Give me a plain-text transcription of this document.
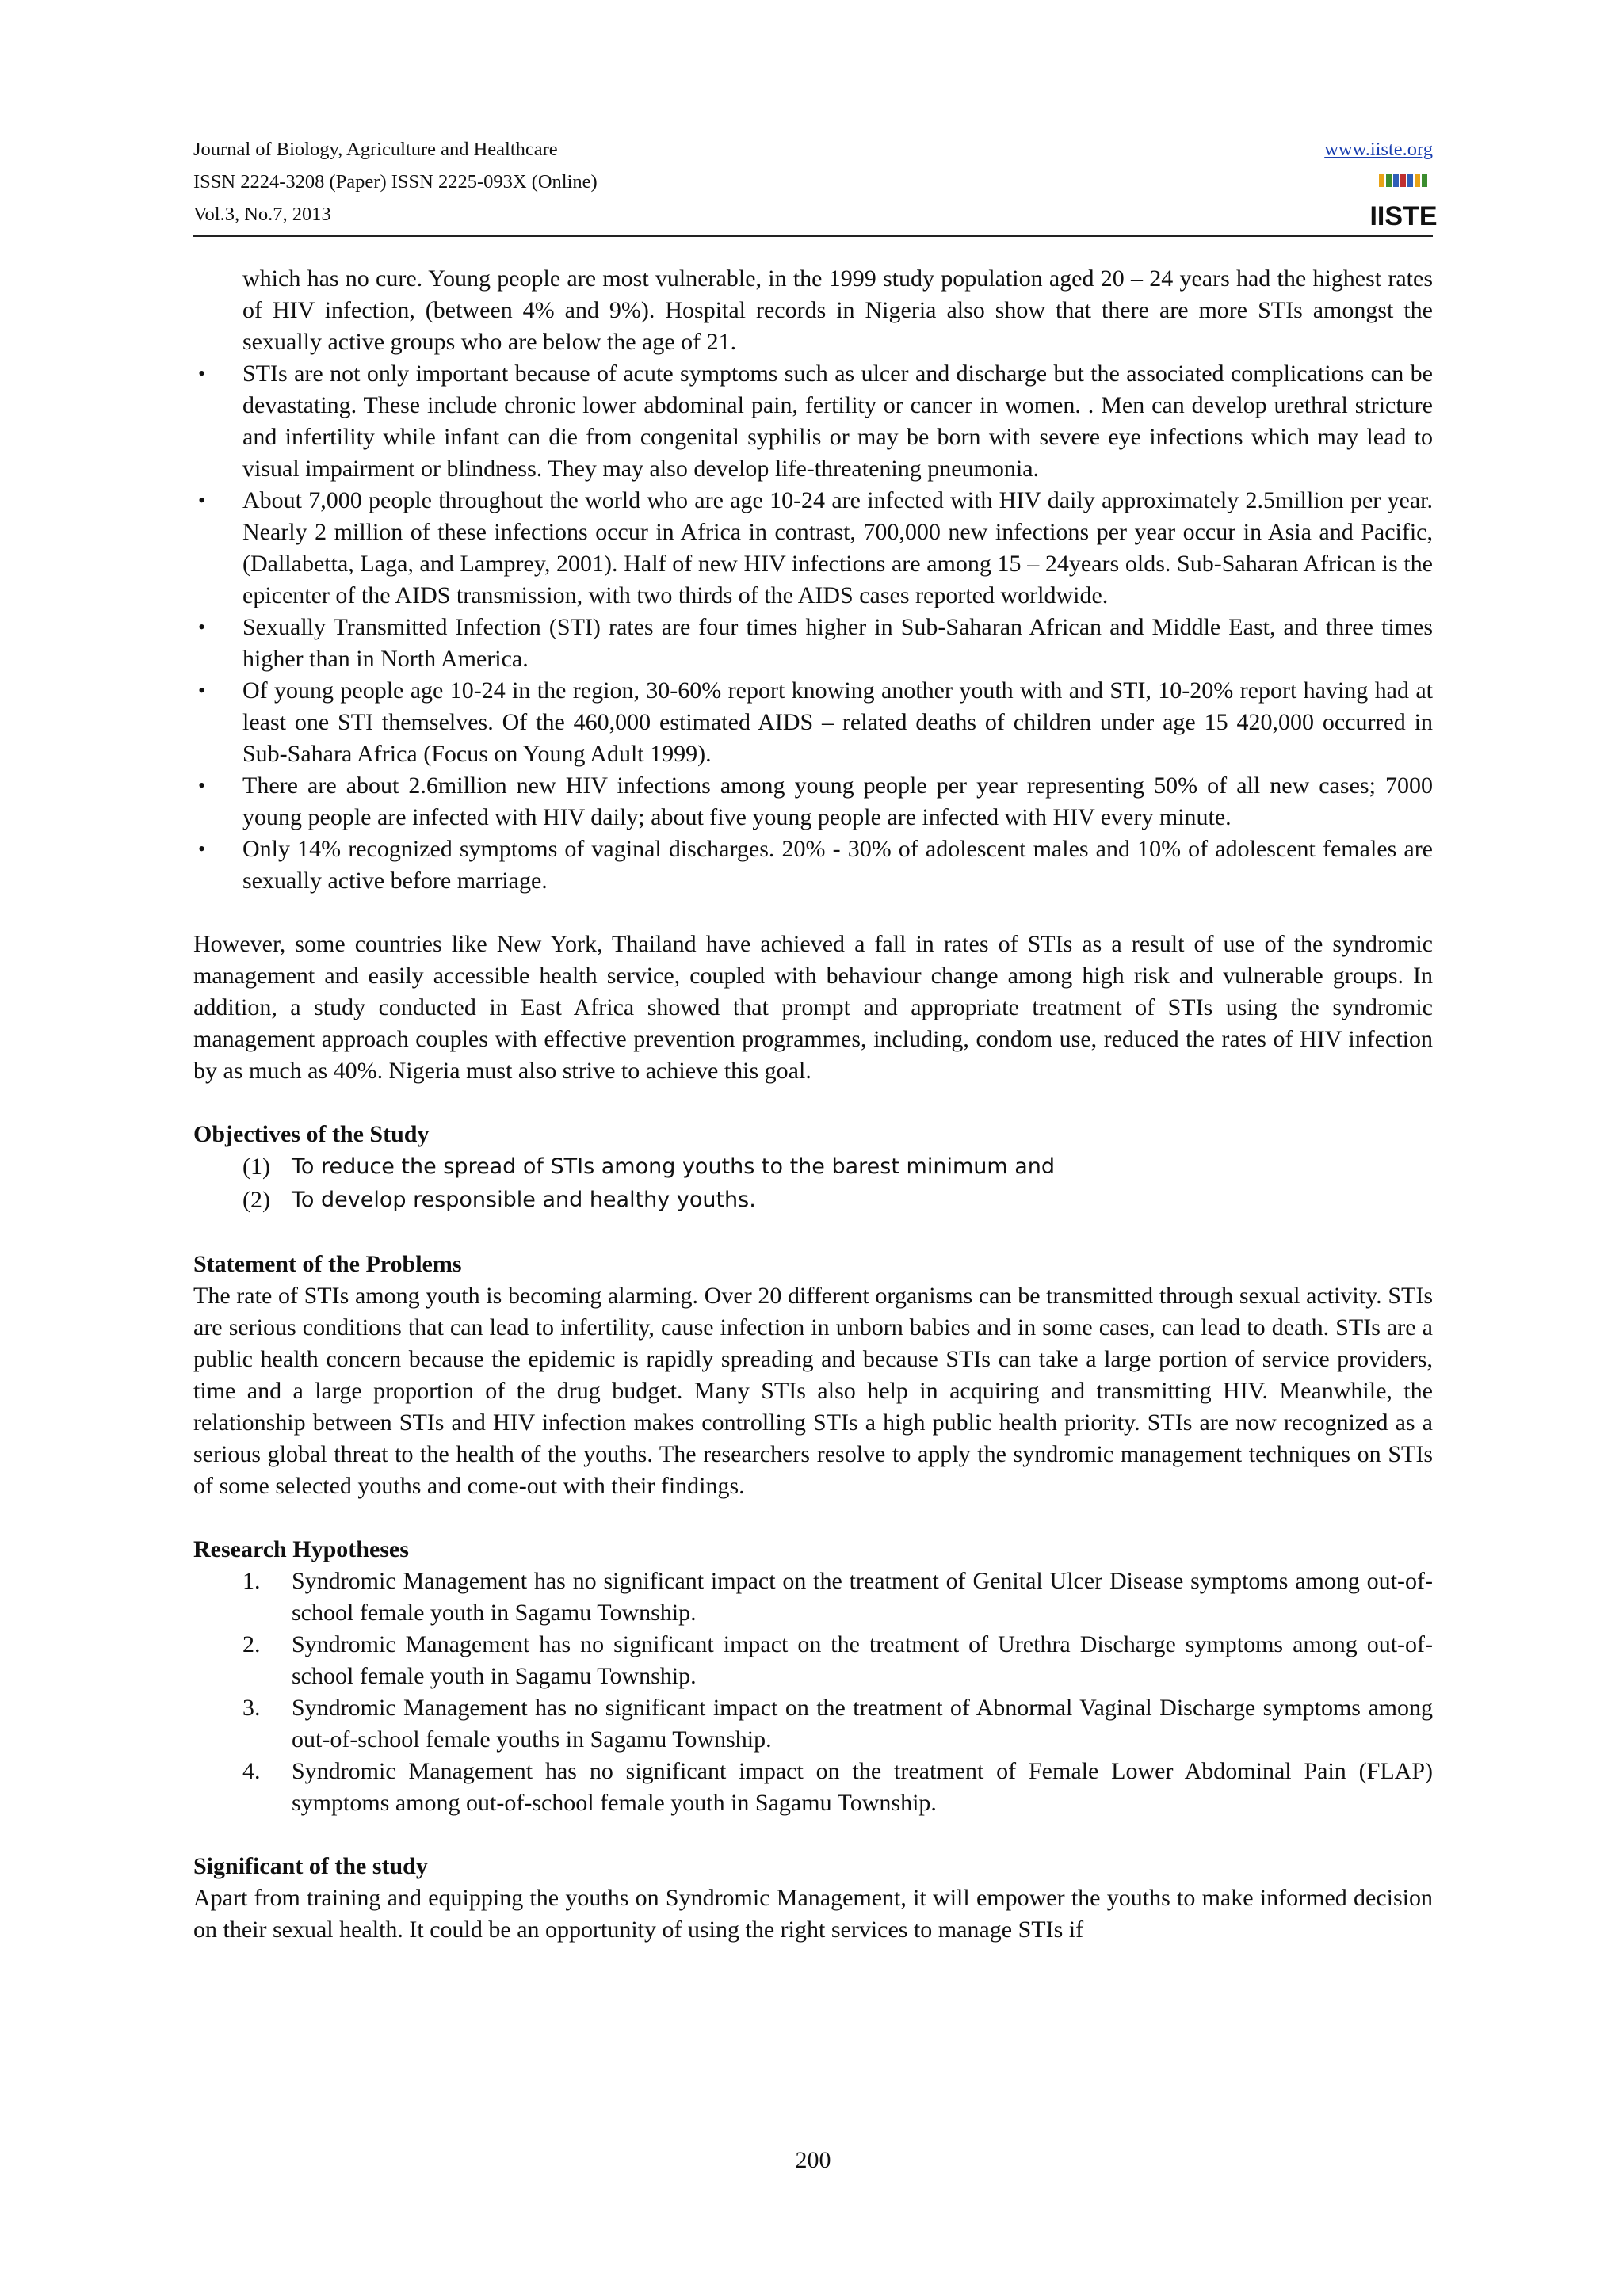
Journal of Biology, Agriculture and Healthcare
ISSN 2224-3208 (Paper) ISSN 2225-093X (Online)
Vol.3, No.7, 2013
www.iiste.org
IISTE
which has no cure. Young people are most vulnerable, in the 1999 study population aged 20 – 24 years had the highest rates of HIV infection, (between 4% and 9%). Hospital records in Nigeria also show that there are more STIs amongst the sexually active groups who are below the age of 21.
• STIs are not only important because of acute symptoms such as ulcer and discharge but the associated complications can be devastating. These include chronic lower abdominal pain, fertility or cancer in women. . Men can develop urethral stricture and infertility while infant can die from congenital syphilis or may be born with severe eye infections which may lead to visual impairment or blindness. They may also develop life-threatening pneumonia.
• About 7,000 people throughout the world who are age 10-24 are infected with HIV daily approximately 2.5million per year. Nearly 2 million of these infections occur in Africa in contrast, 700,000 new infections per year occur in Asia and Pacific, (Dallabetta, Laga, and Lamprey, 2001). Half of new HIV infections are among 15 – 24years olds. Sub-Saharan African is the epicenter of the AIDS transmission, with two thirds of the AIDS cases reported worldwide.
• Sexually Transmitted Infection (STI) rates are four times higher in Sub-Saharan African and Middle East, and three times higher than in North America.
• Of young people age 10-24 in the region, 30-60% report knowing another youth with and STI, 10-20% report having had at least one STI themselves. Of the 460,000 estimated AIDS – related deaths of children under age 15 420,000 occurred in Sub-Sahara Africa (Focus on Young Adult 1999).
• There are about 2.6million new HIV infections among young people per year representing 50% of all new cases; 7000 young people are infected with HIV daily; about five young people are infected with HIV every minute.
• Only 14% recognized symptoms of vaginal discharges. 20% - 30% of adolescent males and 10% of adolescent females are sexually active before marriage.

However, some countries like New York, Thailand have achieved a fall in rates of STIs as a result of use of the syndromic management and easily accessible health service, coupled with behaviour change among high risk and vulnerable groups. In addition, a study conducted in East Africa showed that prompt and appropriate treatment of STIs using the syndromic management approach couples with effective prevention programmes, including, condom use, reduced the rates of HIV infection by as much as 40%. Nigeria must also strive to achieve this goal.

Objectives of the Study
(1) To reduce the spread of STIs among youths to the barest minimum and
(2) To develop responsible and healthy youths.
Statement of the Problems

The rate of STIs among youth is becoming alarming. Over 20 different organisms can be transmitted through sexual activity. STIs are serious conditions that can lead to infertility, cause infection in unborn babies and in some cases, can lead to death. STIs are a public health concern because the epidemic is rapidly spreading and because STIs can take a large portion of service providers, time and a large proportion of the drug budget. Many STIs also help in acquiring and transmitting HIV. Meanwhile, the relationship between STIs and HIV infection makes controlling STIs a high public health priority. STIs are now recognized as a serious global threat to the health of the youths. The researchers resolve to apply the syndromic management techniques on STIs of some selected youths and come-out with their findings.

Research Hypotheses
1. Syndromic Management has no significant impact on the treatment of Genital Ulcer Disease symptoms among out-of-school female youth in Sagamu Township.
2. Syndromic Management has no significant impact on the treatment of Urethra Discharge symptoms among out-of-school female youth in Sagamu Township.
3. Syndromic Management has no significant impact on the treatment of Abnormal Vaginal Discharge symptoms among out-of-school female youths in Sagamu Township.
4. Syndromic Management has no significant impact on the treatment of Female Lower Abdominal Pain (FLAP) symptoms among out-of-school female youth in Sagamu Township.
Significant of the study

Apart from training and equipping the youths on Syndromic Management, it will empower the youths to make informed decision on their sexual health. It could be an opportunity of using the right services to manage STIs if

200
